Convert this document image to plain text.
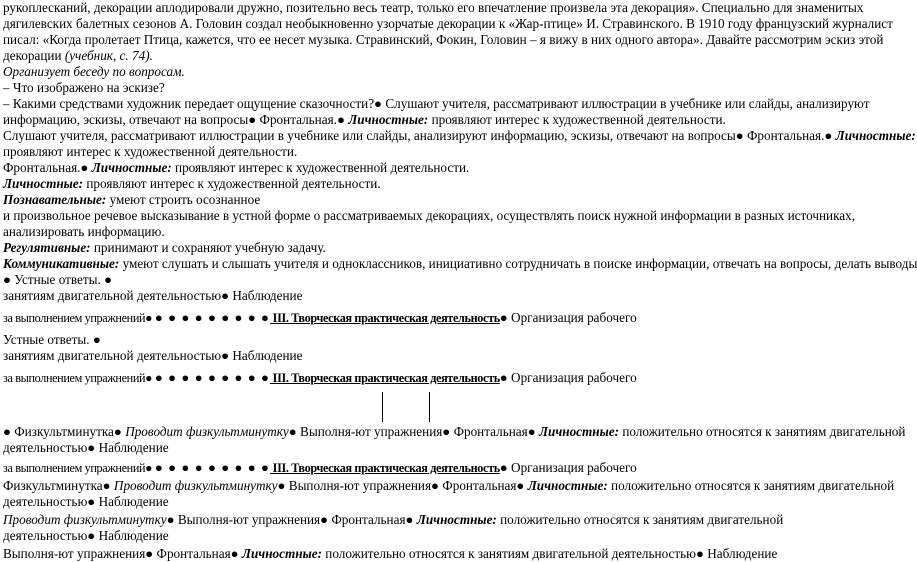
рукоплесканий, декорации аплодировали дружно, позительно весь театр, только его впечатление произвела эта декорация». Специально для знаменитых
дягилевских балетных сезонов А. Головин создал необыкновенно узорчатые декорации к «Жар-птице» И. Стравинского. В 1910 году французский журналист
писал: «Когда пролетает Птица, кажется, что ее несет музыка. Стравинский, Фокин, Головин – я вижу в них одного автора». Давайте рассмотрим эскиз этой
декорации (учебник, с. 74).
Организует беседу по вопросам.
– Что изображено на эскизе?
– Какими средствами художник передает ощущение сказочности?● Слушают учителя, рассматривают иллюстрации в учебнике или слайды, анализируют
информацию, эскизы, отвечают на вопросы● Фронтальная.● Личностные: проявляют интерес к художественной деятельности.
Слушают учителя, рассматривают иллюстрации в учебнике или слайды, анализируют информацию, эскизы, отвечают на вопросы● Фронтальная.● Личностные:
проявляют интерес к художественной деятельности.
Фронтальная.● Личностные: проявляют интерес к художественной деятельности.
Личностные: проявляют интерес к художественной деятельности.
Познавательные: умеют строить осознанное
и произвольное речевое высказывание в устной форме о рассматриваемых декорациях, осуществлять поиск нужной информации в разных источниках,
анализировать информацию.
Регулятивные: принимают и сохраняют учебную задачу.
Коммуникативные: умеют слушать и слышать учителя и одноклассников, инициативно сотрудничать в поиске информации, отвечать на вопросы, делать выводы
● Устные ответы. ●
занятиям двигательной деятельностью● Наблюдение
за выполнением упражнений● ● ● ● ● ● ● ● ● ● III. Творческая практическая деятельность● Организация рабочего
Устные ответы. ●
занятиям двигательной деятельностью● Наблюдение
за выполнением упражнений● ● ● ● ● ● ● ● ● ● III. Творческая практическая деятельность● Организация рабочего
● Физкультминутка● Проводит физкультминутку● Выполня-ют упражнения● Фронтальная● Личностные: положительно относятся к занятиям двигательной
деятельностью● Наблюдение
за выполнением упражнений● ● ● ● ● ● ● ● ● ● III. Творческая практическая деятельность● Организация рабочего
Физкультминутка● Проводит физкультминутку● Выполня-ют упражнения● Фронтальная● Личностные: положительно относятся к занятиям двигательной
деятельностью● Наблюдение
Проводит физкультминутку● Выполня-ют упражнения● Фронтальная● Личностные: положительно относятся к занятиям двигательной
деятельностью● Наблюдение
Выполня-ют упражнения● Фронтальная● Личностные: положительно относятся к занятиям двигательной деятельностью● Наблюдение
